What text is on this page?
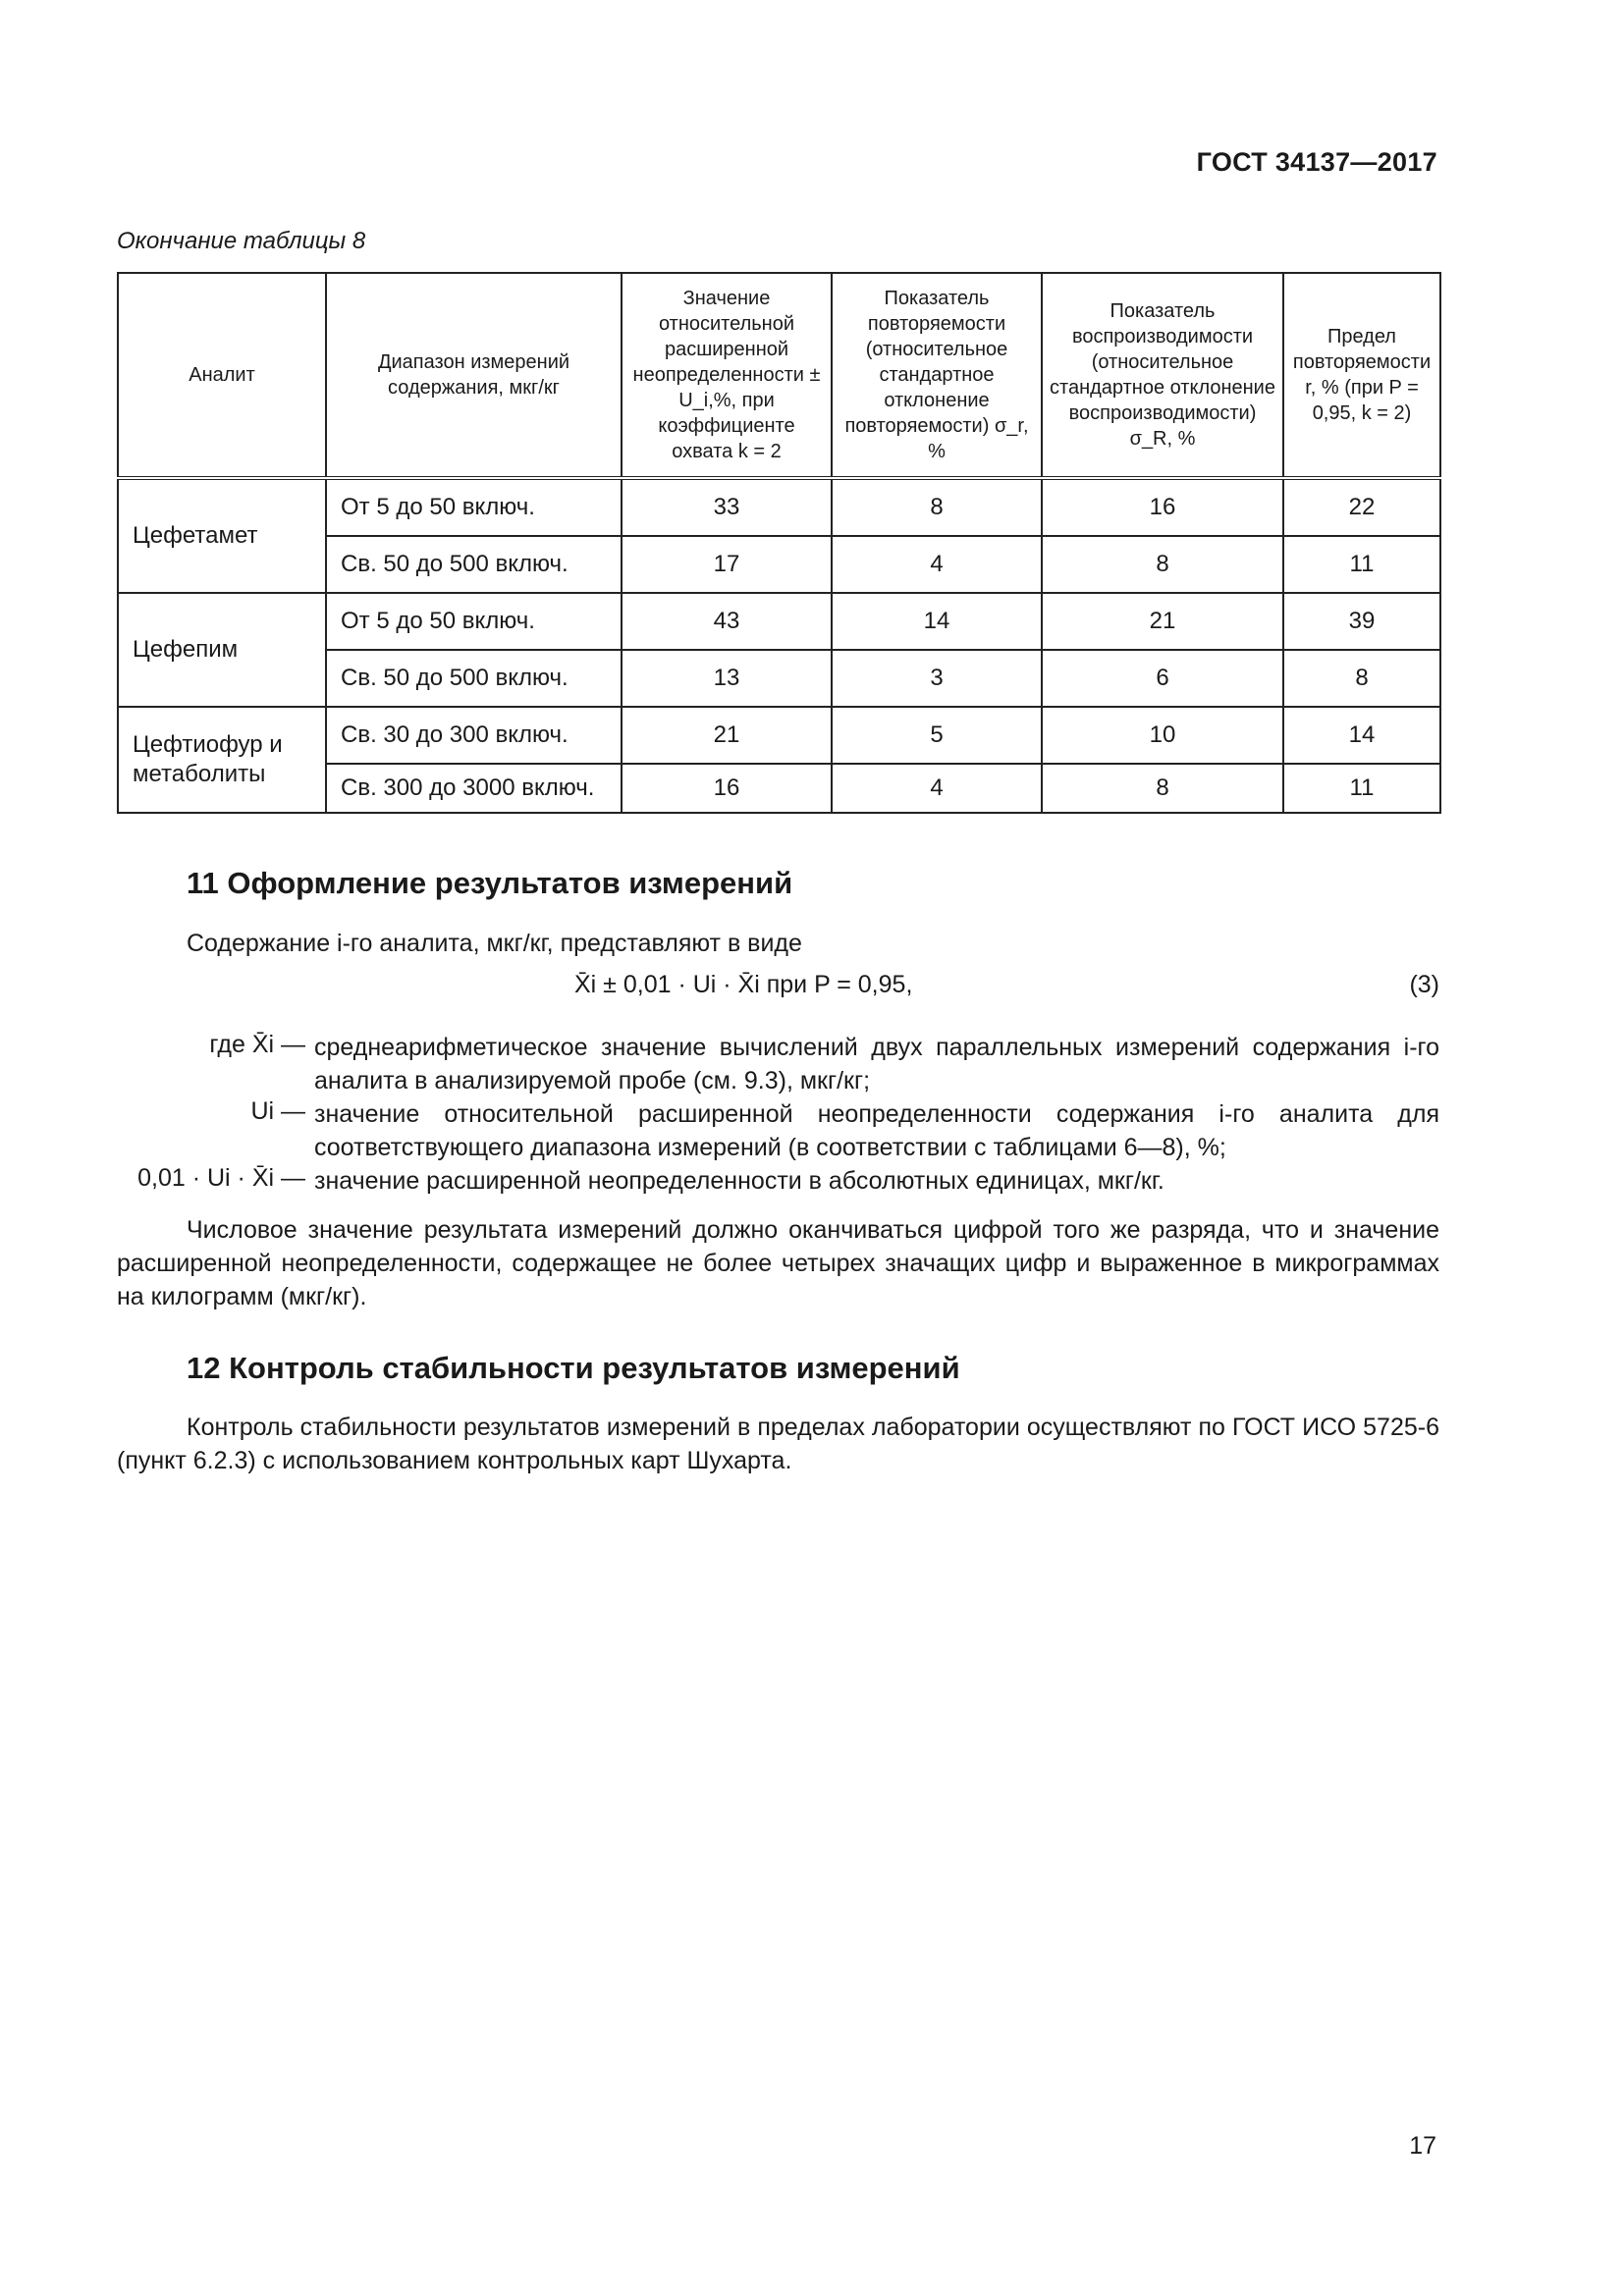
ГОСТ 34137—2017
Окончание таблицы 8
Аналит	Диапазон измерений содержания, мкг/кг	Значение относительной расширенной неопределенности ± U_i,%, при коэффициенте охвата k = 2	Показатель повторяемости (относительное стандартное отклонение повторяемости) σ_r, %	Показатель воспроизводимости (относительное стандартное отклонение воспроизводимости) σ_R, %	Предел повторяемости r, % (при P = 0,95, k = 2)
Цефетамет	От 5 до 50 включ.	33	8	16	22
	Св. 50 до 500 включ.	17	4	8	11
Цефепим	От 5 до 50 включ.	43	14	21	39
	Св. 50 до 500 включ.	13	3	6	8
Цефтиофур и метаболиты	Св. 30 до 300 включ.	21	5	10	14
	Св. 300 до 3000 включ.	16	4	8	11
11 Оформление результатов измерений
Содержание i-го аналита, мкг/кг, представляют в виде
X̄i ± 0,01 · Ui · X̄i при P = 0,95,	(3)
где X̄i — среднеарифметическое значение вычислений двух параллельных измерений содержания i-го аналита в анализируемой пробе (см. 9.3), мкг/кг;
Ui — значение относительной расширенной неопределенности содержания i-го аналита для соответствующего диапазона измерений (в соответствии с таблицами 6—8), %;
0,01 · Ui · X̄i — значение расширенной неопределенности в абсолютных единицах, мкг/кг.
Числовое значение результата измерений должно оканчиваться цифрой того же разряда, что и значение расширенной неопределенности, содержащее не более четырех значащих цифр и выраженное в микрограммах на килограмм (мкг/кг).
12 Контроль стабильности результатов измерений
Контроль стабильности результатов измерений в пределах лаборатории осуществляют по ГОСТ ИСО 5725-6 (пункт 6.2.3) с использованием контрольных карт Шухарта.
17
